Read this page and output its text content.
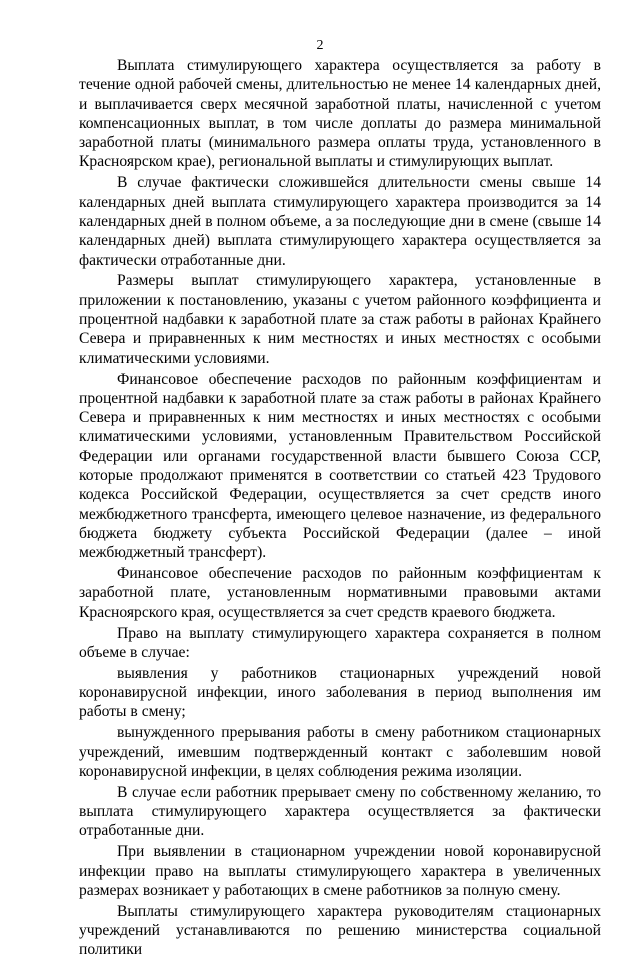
2

Выплата стимулирующего характера осуществляется за работу в течение одной рабочей смены, длительностью не менее 14 календарных дней, и выплачивается сверх месячной заработной платы, начисленной с учетом компенсационных выплат, в том числе доплаты до размера минимальной заработной платы (минимального размера оплаты труда, установленного в Красноярском крае), региональной выплаты и стимулирующих выплат.

В случае фактически сложившейся длительности смены свыше 14 календарных дней выплата стимулирующего характера производится за 14 календарных дней в полном объеме, а за последующие дни в смене (свыше 14 календарных дней) выплата стимулирующего характера осуществляется за фактически отработанные дни.

Размеры выплат стимулирующего характера, установленные в приложении к постановлению, указаны с учетом районного коэффициента и процентной надбавки к заработной плате за стаж работы в районах Крайнего Севера и приравненных к ним местностях и иных местностях с особыми климатическими условиями.

Финансовое обеспечение расходов по районным коэффициентам и процентной надбавки к заработной плате за стаж работы в районах Крайнего Севера и приравненных к ним местностях и иных местностях с особыми климатическими условиями, установленным Правительством Российской Федерации или органами государственной власти бывшего Союза ССР, которые продолжают применятся в соответствии со статьей 423 Трудового кодекса Российской Федерации, осуществляется за счет средств иного межбюджетного трансферта, имеющего целевое назначение, из федерального бюджета бюджету субъекта Российской Федерации (далее – иной межбюджетный трансферт).

Финансовое обеспечение расходов по районным коэффициентам к заработной плате, установленным нормативными правовыми актами Красноярского края, осуществляется за счет средств краевого бюджета.

Право на выплату стимулирующего характера сохраняется в полном объеме в случае:

выявления у работников стационарных учреждений новой коронавирусной инфекции, иного заболевания в период выполнения им работы в смену;

вынужденного прерывания работы в смену работником стационарных учреждений, имевшим подтвержденный контакт с заболевшим новой коронавирусной инфекции, в целях соблюдения режима изоляции.

В случае если работник прерывает смену по собственному желанию, то выплата стимулирующего характера осуществляется за фактически отработанные дни.

При выявлении в стационарном учреждении новой коронавирусной инфекции право на выплаты стимулирующего характера в увеличенных размерах возникает у работающих в смене работников за полную смену.

Выплаты стимулирующего характера руководителям стационарных учреждений устанавливаются по решению министерства социальной политики
